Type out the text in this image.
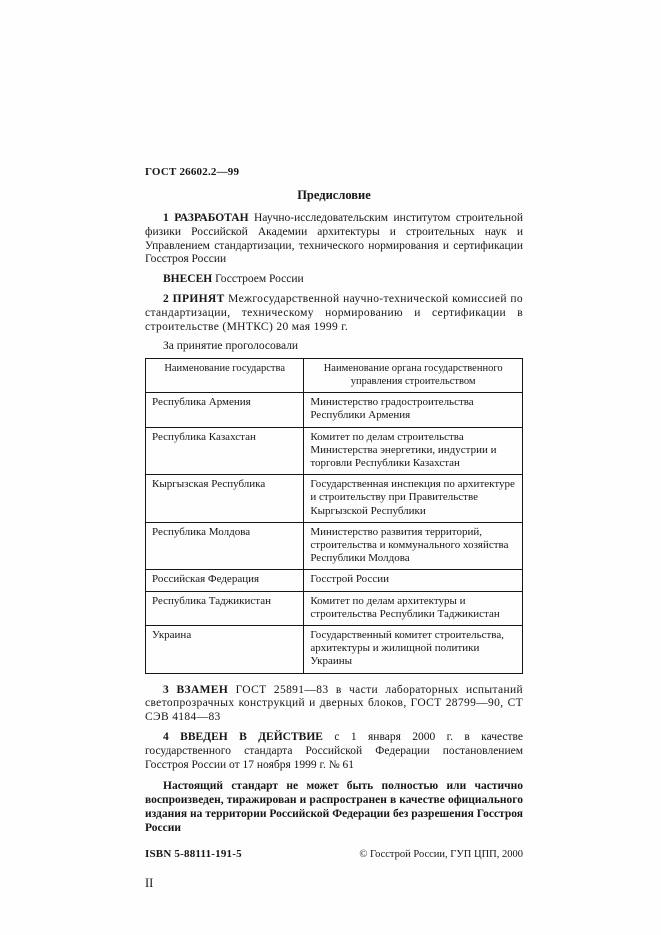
ГОСТ 26602.2—99
Предисловие

1 РАЗРАБОТАН Научно-исследовательским институтом строительной физики Российской Академии архитектуры и строительных наук и Управлением стандартизации, технического нормирования и сертификации Госстроя России

ВНЕСЕН Госстроем России

2 ПРИНЯТ Межгосударственной научно-технической комиссией по стандартизации, техническому нормированию и сертификации в строительстве (МНТКС) 20 мая 1999 г.

За принятие проголосовали

Наименование государства	Наименование органа государственного управления строительством
Республика Армения	Министерство градостроительства Республики Армения
Республика Казахстан	Комитет по делам строительства Министерства энергетики, индустрии и торговли Республики Казахстан
Кыргызская Республика	Государственная инспекция по архитектуре и строительству при Правительстве Кыргызской Республики
Республика Молдова	Министерство развития территорий, строительства и коммунального хозяйства Республики Молдова
Российская Федерация	Госстрой России
Республика Таджикистан	Комитет по делам архитектуры и строительства Республики Таджикистан
Украина	Государственный комитет строительства, архитектуры и жилищной политики Украины

3 ВЗАМЕН ГОСТ 25891—83 в части лабораторных испытаний светопрозрачных конструкций и дверных блоков, ГОСТ 28799—90, СТ СЭВ 4184—83

4 ВВЕДЕН В ДЕЙСТВИЕ с 1 января 2000 г. в качестве государственного стандарта Российской Федерации постановлением Госстроя России от 17 ноября 1999 г. № 61

Настоящий стандарт не может быть полностью или частично воспроизведен, тиражирован и распространен в качестве официального издания на территории Российской Федерации без разрешения Госстроя России

ISBN 5-88111-191-5	© Госстрой России, ГУП ЦПП, 2000
II
